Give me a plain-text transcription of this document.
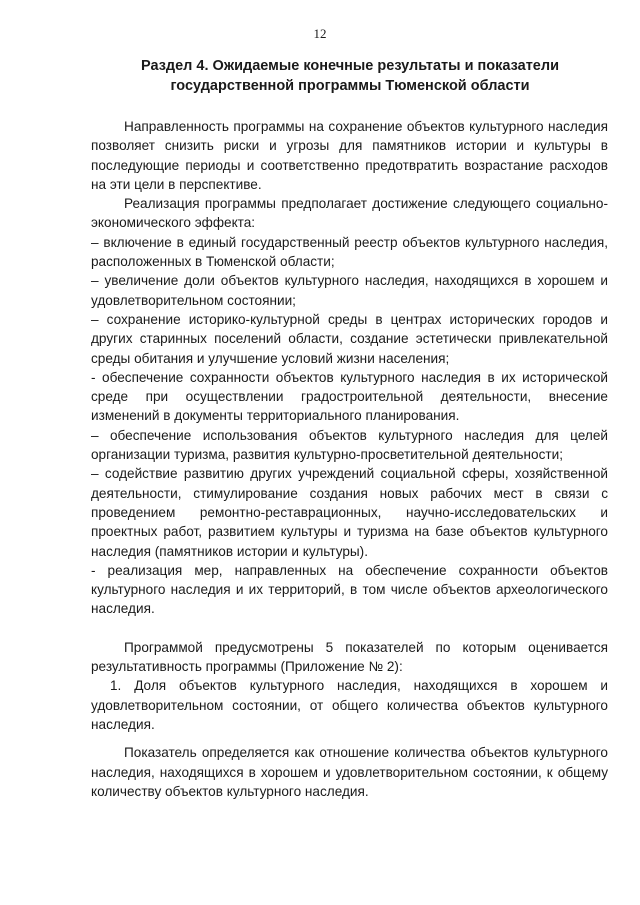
12
Раздел 4. Ожидаемые конечные результаты и показатели
государственной программы Тюменской области

Направленность программы на сохранение объектов культурного наследия позволяет снизить риски и угрозы для памятников истории и культуры в последующие периоды и соответственно предотвратить возрастание расходов на эти цели в перспективе.

Реализация программы предполагает достижение следующего социально-экономического эффекта:

– включение в единый государственный реестр объектов культурного наследия, расположенных в Тюменской области;

– увеличение доли объектов культурного наследия, находящихся в хорошем и удовлетворительном состоянии;

– сохранение историко-культурной среды в центрах исторических городов и других старинных поселений области, создание эстетически привлекательной среды обитания и улучшение условий жизни населения;

- обеспечение сохранности объектов культурного наследия в их исторической среде при осуществлении градостроительной деятельности, внесение изменений в документы территориального планирования.

– обеспечение использования объектов культурного наследия для целей организации туризма, развития культурно-просветительной деятельности;

– содействие развитию других учреждений социальной сферы, хозяйственной деятельности, стимулирование создания новых рабочих мест в связи с проведением ремонтно-реставрационных, научно-исследовательских и проектных работ, развитием культуры и туризма на базе объектов культурного наследия (памятников истории и культуры).

- реализация мер, направленных на обеспечение сохранности объектов культурного наследия и их территорий, в том числе объектов археологического наследия.

Программой предусмотрены 5 показателей по которым оценивается результативность программы (Приложение № 2):

1. Доля объектов культурного наследия, находящихся в хорошем и удовлетворительном состоянии, от общего количества объектов культурного наследия.

Показатель определяется как отношение количества объектов культурного наследия, находящихся в хорошем и удовлетворительном состоянии, к общему количеству объектов культурного наследия.
